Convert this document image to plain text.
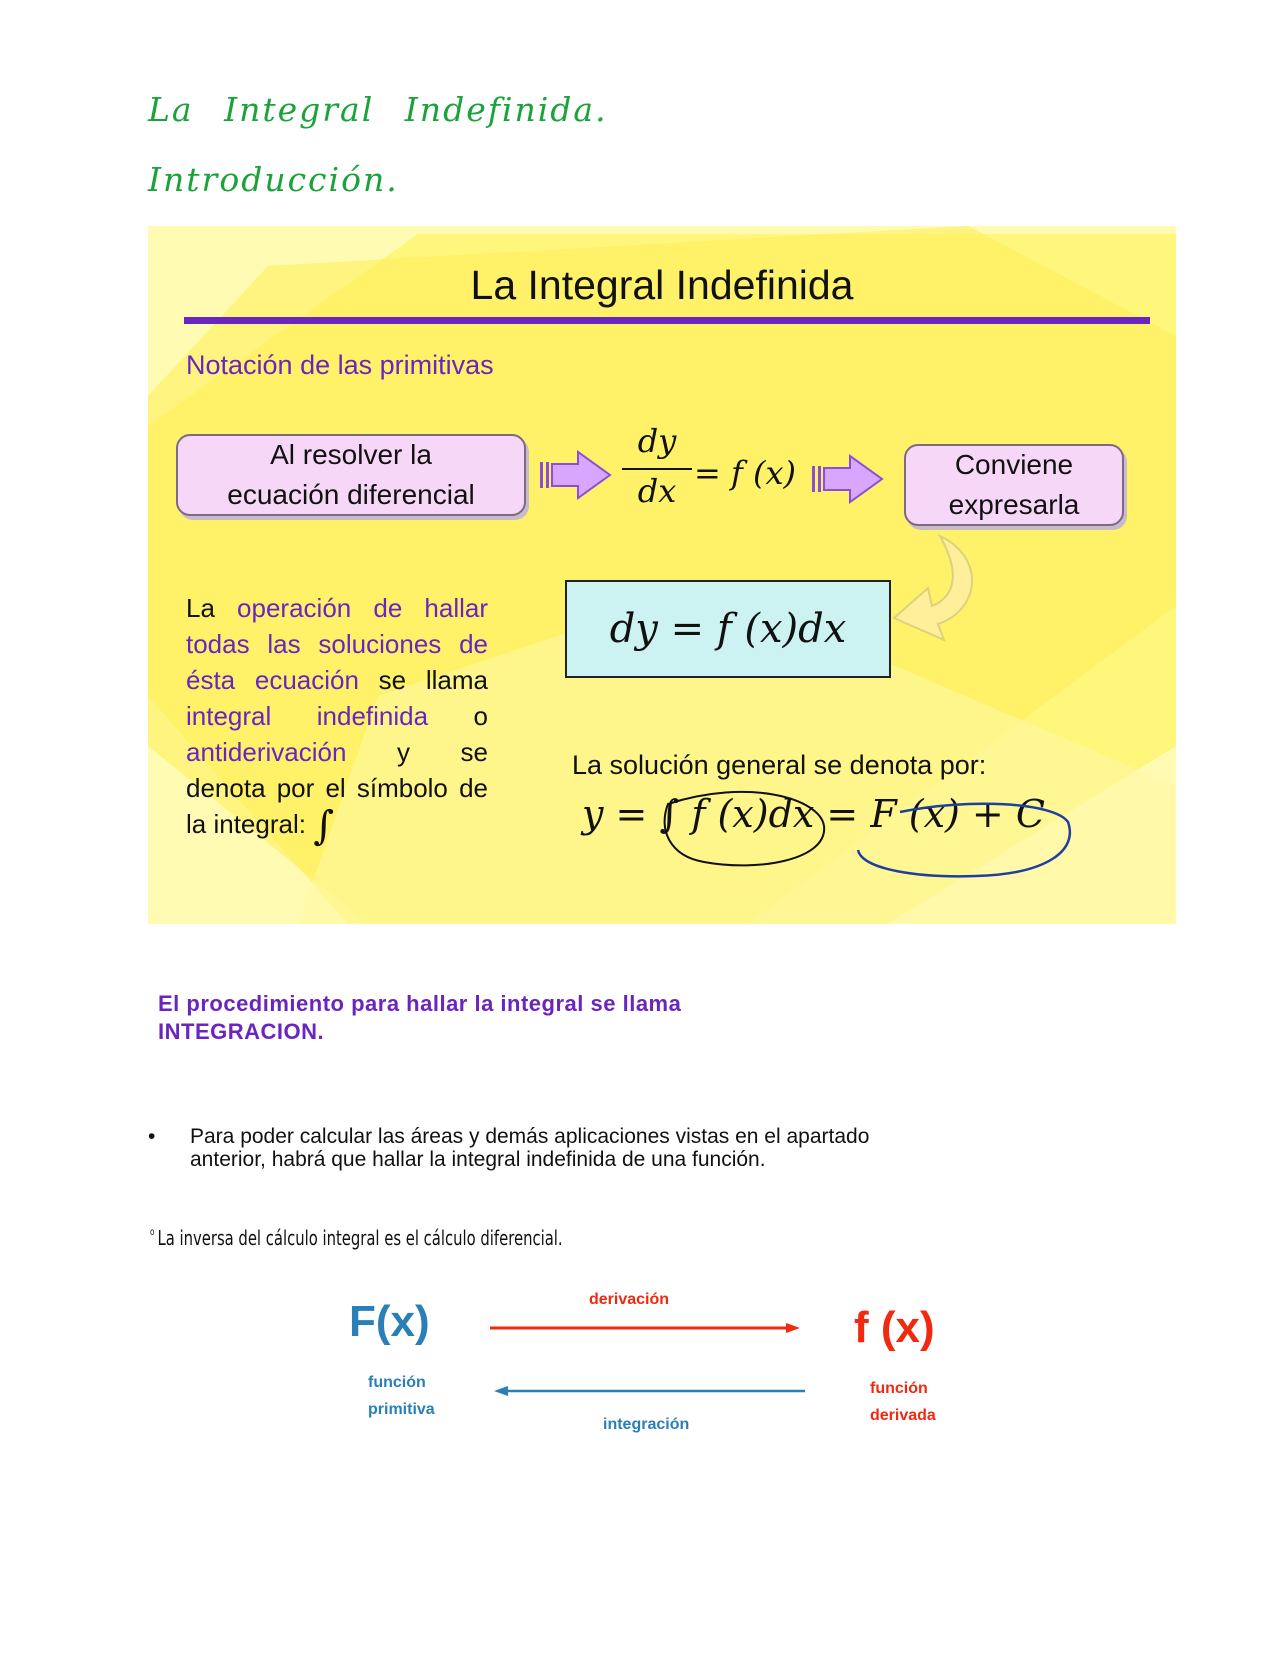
La Integral Indefinida.
Introducción.
La Integral Indefinida
Notación de las primitivas
Al resolver la
ecuación diferencial
dy
dx = f (x)	Conviene
expresarla
dy = f (x)dx
La operación de hallar todas las soluciones de ésta ecuación se llama integral indefinida o antiderivación y se denota por el símbolo de la integral: ∫
La solución general se denota por:
y = ∫ f (x)dx = F (x) + C
El procedimiento para hallar la integral se llama
INTEGRACION.
• Para poder calcular las áreas y demás aplicaciones vistas en el apartado
anterior, habrá que hallar la integral indefinida de una función.
$^o$ La inversa del cálculo integral es el cálculo diferencial.
F(x)	derivación
f (x)
función
primitiva
integración
función
derivada
